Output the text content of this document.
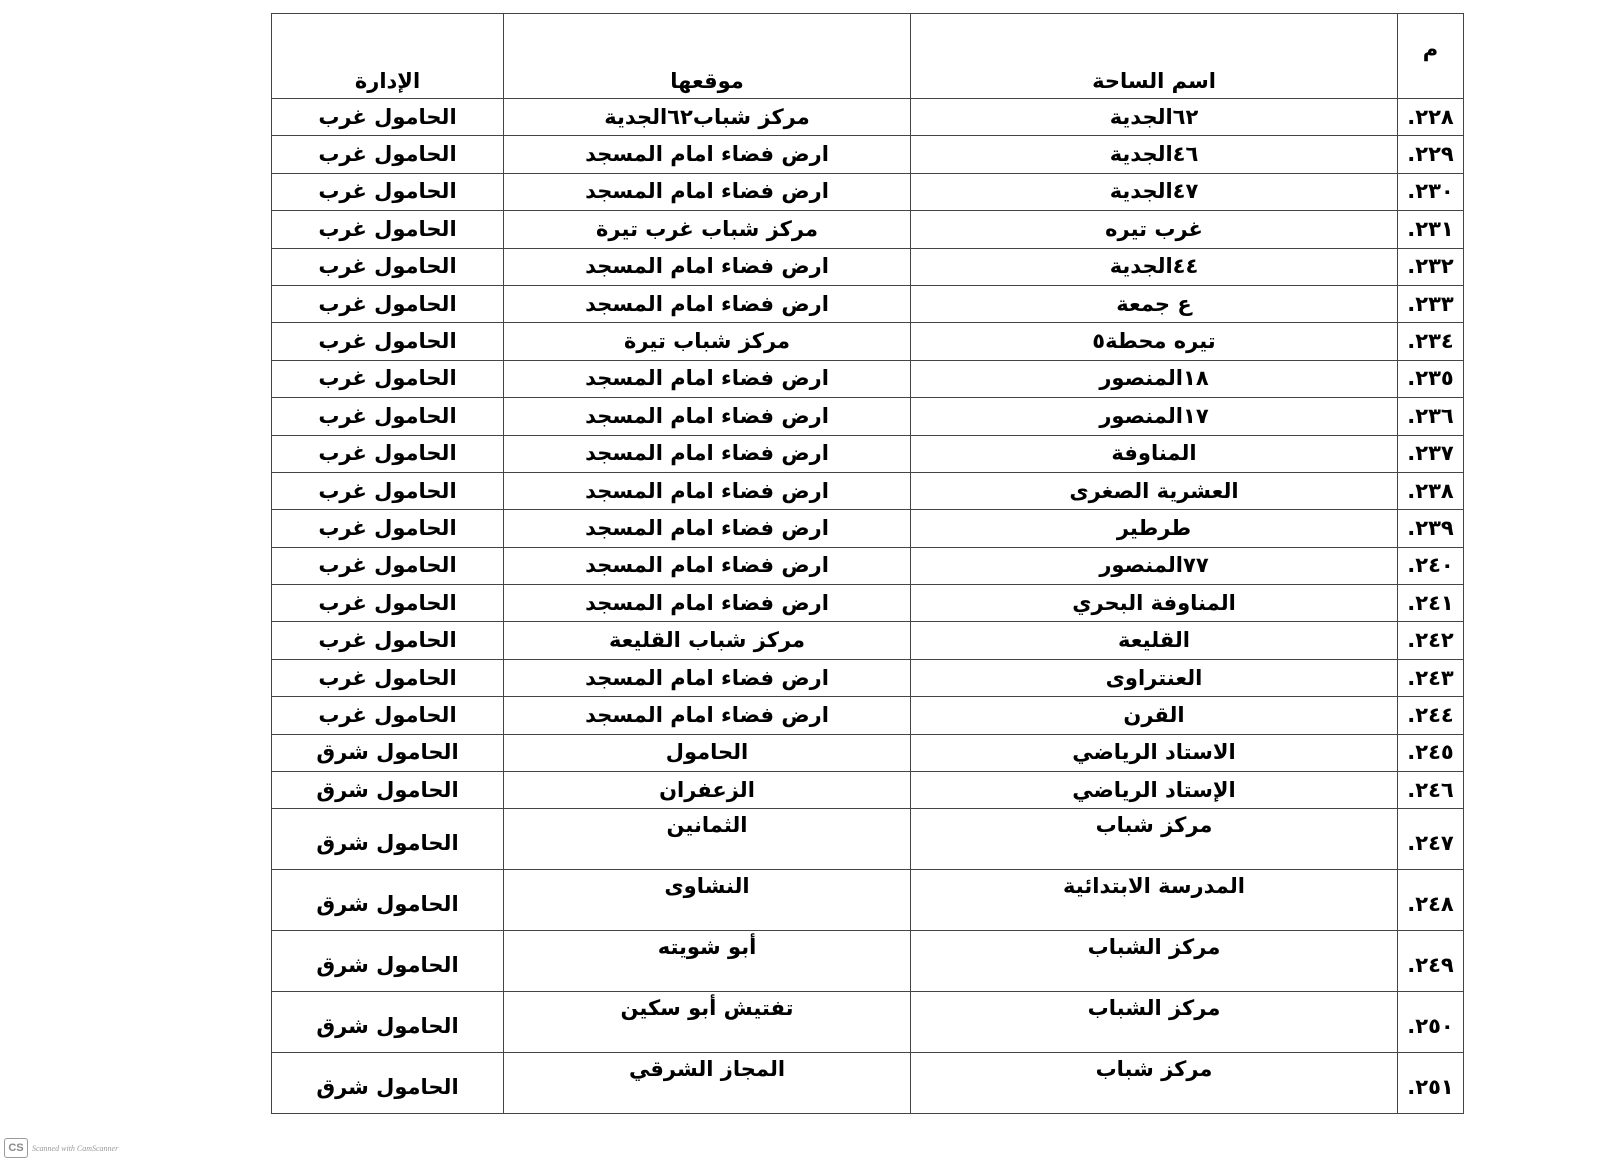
م	اسم الساحة	موقعها	الإدارة
٢٢٨.	٦٢الجدية	مركز شباب٦٢الجدية	الحامول غرب
٢٢٩.	٤٦الجدية	ارض فضاء امام المسجد	الحامول غرب
٢٣٠.	٤٧الجدية	ارض فضاء امام المسجد	الحامول غرب
٢٣١.	غرب تيره	مركز شباب غرب تيرة	الحامول غرب
٢٣٢.	٤٤الجدية	ارض فضاء امام المسجد	الحامول غرب
٢٣٣.	ع جمعة	ارض فضاء امام المسجد	الحامول غرب
٢٣٤.	تيره محطة٥	مركز شباب تيرة	الحامول غرب
٢٣٥.	١٨المنصور	ارض فضاء امام المسجد	الحامول غرب
٢٣٦.	١٧المنصور	ارض فضاء امام المسجد	الحامول غرب
٢٣٧.	المناوفة	ارض فضاء امام المسجد	الحامول غرب
٢٣٨.	العشرية الصغرى	ارض فضاء امام المسجد	الحامول غرب
٢٣٩.	طرطير	ارض فضاء امام المسجد	الحامول غرب
٢٤٠.	٧٧المنصور	ارض فضاء امام المسجد	الحامول غرب
٢٤١.	المناوفة البحري	ارض فضاء امام المسجد	الحامول غرب
٢٤٢.	القليعة	مركز شباب القليعة	الحامول غرب
٢٤٣.	العنتراوى	ارض فضاء امام المسجد	الحامول غرب
٢٤٤.	القرن	ارض فضاء امام المسجد	الحامول غرب
٢٤٥.	الاستاد الرياضي	الحامول	الحامول شرق
٢٤٦.	الإستاد الرياضي	الزعفران	الحامول شرق
٢٤٧.	مركز شباب	الثمانين	الحامول شرق
٢٤٨.	المدرسة الابتدائية	النشاوى	الحامول شرق
٢٤٩.	مركز الشباب	أبو شويته	الحامول شرق
٢٥٠.	مركز الشباب	تفتيش أبو سكين	الحامول شرق
٢٥١.	مركز شباب	المجاز الشرقي	الحامول شرق
CS	Scanned with CamScanner
